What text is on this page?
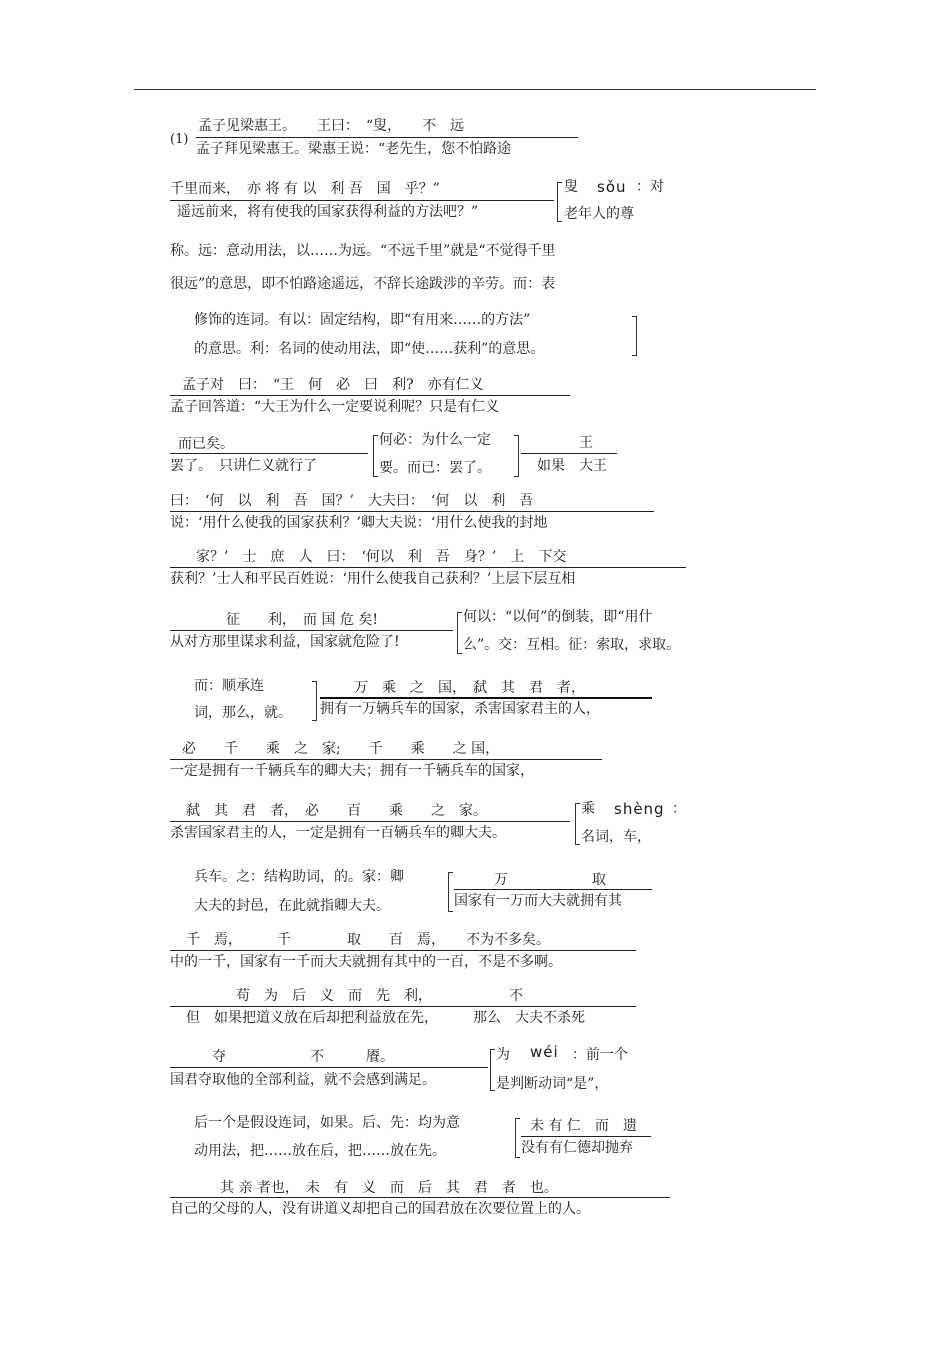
(1)
孟子见梁惠王。　　王曰：　“叟，　　不　远
孟子拜见梁惠王。梁惠王说：“老先生，您不怕路途
千里而来，　亦 将 有 以　利 吾　国　乎？”
遥远前来，将有使我的国家获得利益的方法吧？”
叟 sǒu ：对
老年人的尊
称。远：意动用法，以……为远。“不远千里”就是“不觉得千里
很远”的意思，即不怕路途遥远，不辞长途跋涉的辛劳。而：表
修饰的连词。有以：固定结构，即“有用来……的方法”
的意思。利：名词的使动用法，即“使……获利”的意思。
孟子对　曰：　“王　何　必　曰　利?　亦有仁义
孟子回答道：“大王为什么一定要说利呢？只是有仁义
而已矣。
罢了。　只讲仁义就行了
何必：为什么一定
要。而已：罢了。
王
如果　大王
曰：　‘何　以　利　吾　国？’　大夫曰：　‘何　以　利　吾
说：‘用什么使我的国家获利？’卿大夫说：‘用什么使我的封地
家？’　士　庶　人　曰：　‘何以　利　吾　身？’　上　下交
获利？’士人和平民百姓说：‘用什么使我自己获利？’上层下层互相
征　　利，　而 国 危 矣!
从对方那里谋求利益，国家就危险了!
何以：“以何”的倒装，即“用什
么”。交：互相。征：索取，求取。
而：顺承连
词，那么，就。
万　乘　之　国，　弑　其　君　者，
拥有一万辆兵车的国家，杀害国家君主的人，
必　　千　　乘　之　家;　　千　　乘　　之 国，
一定是拥有一千辆兵车的卿大夫；拥有一千辆兵车的国家，
弑　其　君　者，　必　　百　　乘　　之　家。
杀害国家君主的人，一定是拥有一百辆兵车的卿大夫。
乘 shèng ：
名词，车，
兵车。之：结构助词，的。家：卿
大夫的封邑，在此就指卿大夫。
万　　　　　　取
国家有一万而大夫就拥有其
千　焉，　　　千　　　　取　　百　焉，　　不为不多矣。
中的一千，国家有一千而大夫就拥有其中的一百，不是不多啊。
苟　为　后　义　而　先　利，　　　　　　不
但　如果把道义放在后却把利益放在先，　　　那么　大夫不杀死
夺　　　　　　不　　　餍。
国君夺取他的全部利益，就不会感到满足。
为 wéi ：前一个
是判断动词“是”，
后一个是假设连词，如果。后、先：均为意
动用法，把……放在后，把……放在先。
未 有 仁　而　遗
没有有仁德却抛弃
其 亲 者也，　未　有　义　而　后　其　君　者　也。
自己的父母的人，没有讲道义却把自己的国君放在次要位置上的人。
